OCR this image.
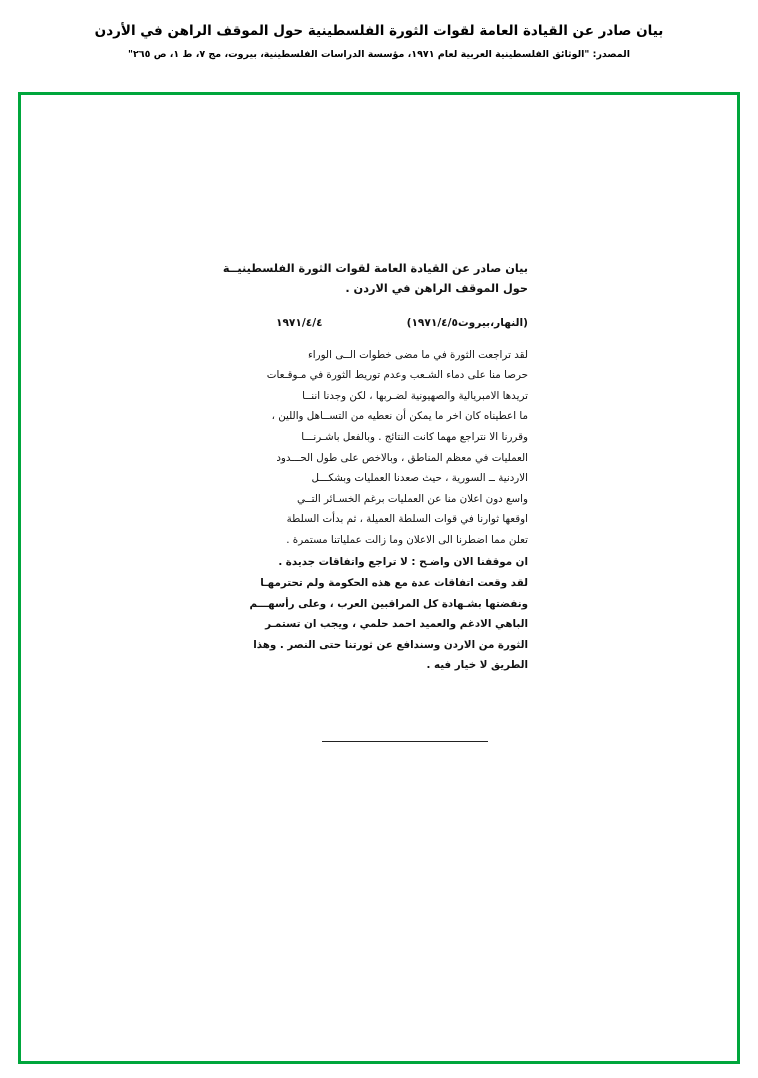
بيان صادر عن القيادة العامة لقوات الثورة الفلسطينية حول الموقف الراهن في الأردن
المصدر: "الوثائق الفلسطينية العربية لعام ١٩٧١، مؤسسة الدراسات الفلسطينية، بيروت، مج ٧، ط ١، ص ٢٦٥"
بيان صادر عن القيادة العامة لقوات الثورة الفلسطينيــة
حول الموقف الراهن في الاردن .
١٩٧١/٤/٤	(النهار،بيروت١٩٧١/٤/٥)
لقد تراجعت الثورة في ما مضى خطوات الــى الوراء
حرصا منا على دماء الشـعب وعدم توريط الثورة في مـوقـعات
تريدها الامبريالية والصهيونية لضـربها ، لكن وجدنا اننــا
ما اعطيناه كان اخر ما يمكن أن نعطيه من التســاهل واللين ،
وقررنا الا نتراجع مهما كانت النتائج . وبالفعل باشـرنـــا
العمليات في معظم المناطق ، وبالاخص على طول الحـــدود
الاردنية ــ السورية ، حيث صعدنا العمليات وبشكـــل
واسع دون اعلان منا عن العمليات برغم الخسـائر التــي
اوقعها ثوارنا في قوات السلطة العميلة ، ثم بدأت السلطة
تعلن مما اضطرنا الى الاعلان وما زالت عملياتنا مستمرة .
ان موقفنا الان واضـح : لا تراجع واتفاقات جديدة .
لقد وقعت اتفاقات عدة مع هذه الحكومة ولم تحترمهـا
ونفضتها بشـهادة كل المراقبين العرب ، وعلى رأسهـــم
الباهي الادغم والعميد احمد حلمي ، ويجب ان تستمـر
الثورة من الاردن وسندافع عن ثورتنا حتى النصر . وهذا
الطريق لا خيار فيه .
